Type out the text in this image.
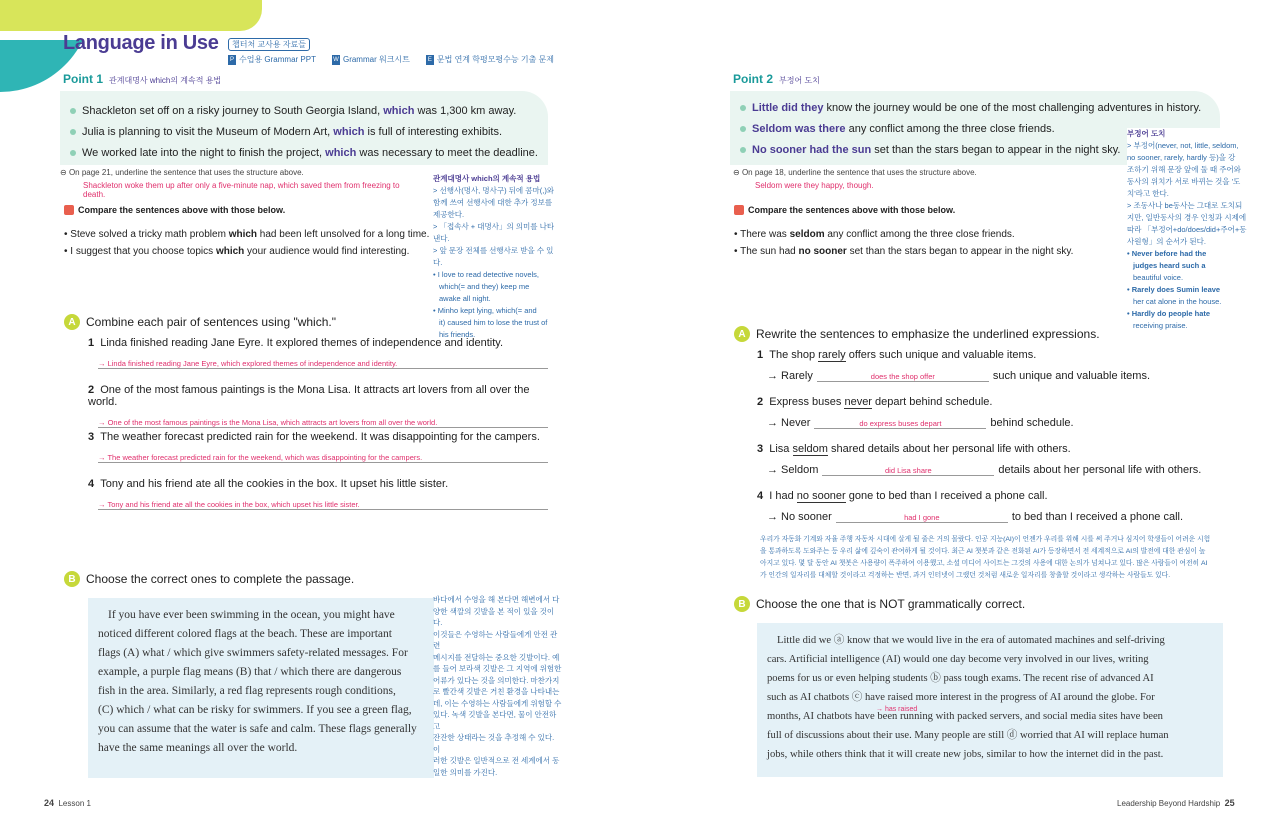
Language in Use	챕터처 교사용 자료들
P 수업용 Grammar PPT	W Grammar 워크시트	E 문법 연계 학평모평수능 기출 문제
Point 1 관계대명사 which의 계속적 용법
Shackleton set off on a risky journey to South Georgia Island, which was 1,300 km away.
Julia is planning to visit the Museum of Modern Art, which is full of interesting exhibits.
We worked late into the night to finish the project, which was necessary to meet the deadline.
⊖ On page 21, underline the sentence that uses the structure above.
Shackleton woke them up after only a five-minute nap, which saved them from freezing to death.
Compare the sentences above with those below.
• Steve solved a tricky math problem which had been left unsolved for a long time.
• I suggest that you choose topics which your audience would find interesting.
관계대명사 which의 계속적 용법
> 선행사(명사, 명사구) 뒤에 콤마(,)와
함께 쓰여 선행사에 대한 추가 정보를
제공한다.
> 「접속사 + 대명사」의 의미를 나타낸다.
> 앞 문장 전체를 선행사로 받을 수 있다.
• I love to read detective novels,
which(= and they) keep me
awake all night.
• Minho kept lying, which(= and
it) caused him to lose the trust of
his friends.
A Combine each pair of sentences using "which."
1 Linda finished reading Jane Eyre. It explored themes of independence and identity.
→ Linda finished reading Jane Eyre, which explored themes of independence and identity.
2 One of the most famous paintings is the Mona Lisa. It attracts art lovers from all over the world.
→ One of the most famous paintings is the Mona Lisa, which attracts art lovers from all over the world.
3 The weather forecast predicted rain for the weekend. It was disappointing for the campers.
→ The weather forecast predicted rain for the weekend, which was disappointing for the campers.
4 Tony and his friend ate all the cookies in the box. It upset his little sister.
→ Tony and his friend ate all the cookies in the box, which upset his little sister.
B Choose the correct ones to complete the passage.
If you have ever been swimming in the ocean, you might have
noticed different colored flags at the beach. These are important
flags (A) what / which give swimmers safety-related messages. For
example, a purple flag means (B) that / which there are dangerous
fish in the area. Similarly, a red flag represents rough conditions,
(C) which / what can be risky for swimmers. If you see a green flag,
you can assume that the water is safe and calm. These flags generally
have the same meanings all over the world.
바다에서 수영을 해 본다면 해변에서 다
양한 색깔의 깃발을 본 적이 있을 것이다.
이것들은 수영하는 사람들에게 안전 관련
메시지를 전달하는 중요한 깃발이다. 예
를 들어 보라색 깃발은 그 지역에 위험한
어류가 있다는 것을 의미한다. 마찬가지
로 빨간색 깃발은 거친 환경을 나타내는
데, 이는 수영하는 사람들에게 위험할 수
있다. 녹색 깃발을 본다면, 물이 안전하고
잔잔한 상태라는 것을 추정해 수 있다. 이
러한 깃발은 일반적으로 전 세계에서 동
일한 의미를 가진다.
24 Lesson 1
Point 2 부정어 도치
Little did they know the journey would be one of the most challenging adventures in history.
Seldom was there any conflict among the three close friends.
No sooner had the sun set than the stars began to appear in the night sky.
부정어 도치
> 부정어(never, not, little, seldom,
no sooner, rarely, hardly 등)을 강
조하기 위해 문장 앞에 둘 때 주어와
동사의 위치가 서로 바뀌는 것을 '도
치'라고 한다.
> 조동사나 be동사는 그대로 도치되
지만, 일반동사의 경우 인칭과 시제에
따라 「부정어+do/does/did+주어+동
사원형」의 순서가 된다.
• Never before had the
judges heard such a
beautiful voice.
• Rarely does Sumin leave
her cat alone in the house.
• Hardly do people hate
receiving praise.
⊖ On page 18, underline the sentence that uses the structure above.
Seldom were they happy, though.
Compare the sentences above with those below.
• There was seldom any conflict among the three close friends.
• The sun had no sooner set than the stars began to appear in the night sky.
A Rewrite the sentences to emphasize the underlined expressions.
1 The shop rarely offers such unique and valuable items.
→ Rarely	does the shop offer	such unique and valuable items.
2 Express buses never depart behind schedule.
→ Never	do express buses depart	behind schedule.
3 Lisa seldom shared details about her personal life with others.
→ Seldom	did Lisa share	details about her personal life with others.
4 I had no sooner gone to bed than I received a phone call.
→ No sooner	had I gone	to bed than I received a phone call.
우리가 자동화 기계와 자율 주행 자동차 시대에 살게 될 줄은 거의 몰랐다. 인공 지능(AI)이 언젠가 우리를 위해 시를 써 주거나 심지어 학생들이 어려운 시험
을 통과하도록 도와주는 등 우리 삶에 깊숙이 관여하게 될 것이다. 최근 AI 챗봇과 같은 전화된 AI가 등장하면서 전 세계적으로 AI의 발전에 대한 관심이 높
아지고 있다. 몇 달 동안 AI 챗봇은 사용량이 폭주하여 이용했고, 소셜 미디어 사이트는 그것의 사용에 대한 논의가 넘쳐나고 있다. 많은 사람들이 여전히 AI
가 인간의 일자리를 대체할 것이라고 걱정하는 반면, 과거 인터넷이 그랬던 것처럼 새로운 일자리를 창출할 것이라고 생각하는 사람들도 있다.
B Choose the one that is NOT grammatically correct.
Little did we ⓐ know that we would live in the era of automated machines and self-driving
cars. Artificial intelligence (AI) would one day become very involved in our lives, writing
poems for us or even helping students ⓑ pass tough exams. The recent rise of advanced AI
such as AI chatbots ⓒ have raised more interest in the progress of AI around the globe. For
months, AI chatbots have been running with packed servers, and social media sites have been
full of discussions about their use. Many people are still ⓓ worried that AI will replace human
jobs, while others think that it will create new jobs, similar to how the internet did in the past.
→ has raised
Leadership Beyond Hardship 25
